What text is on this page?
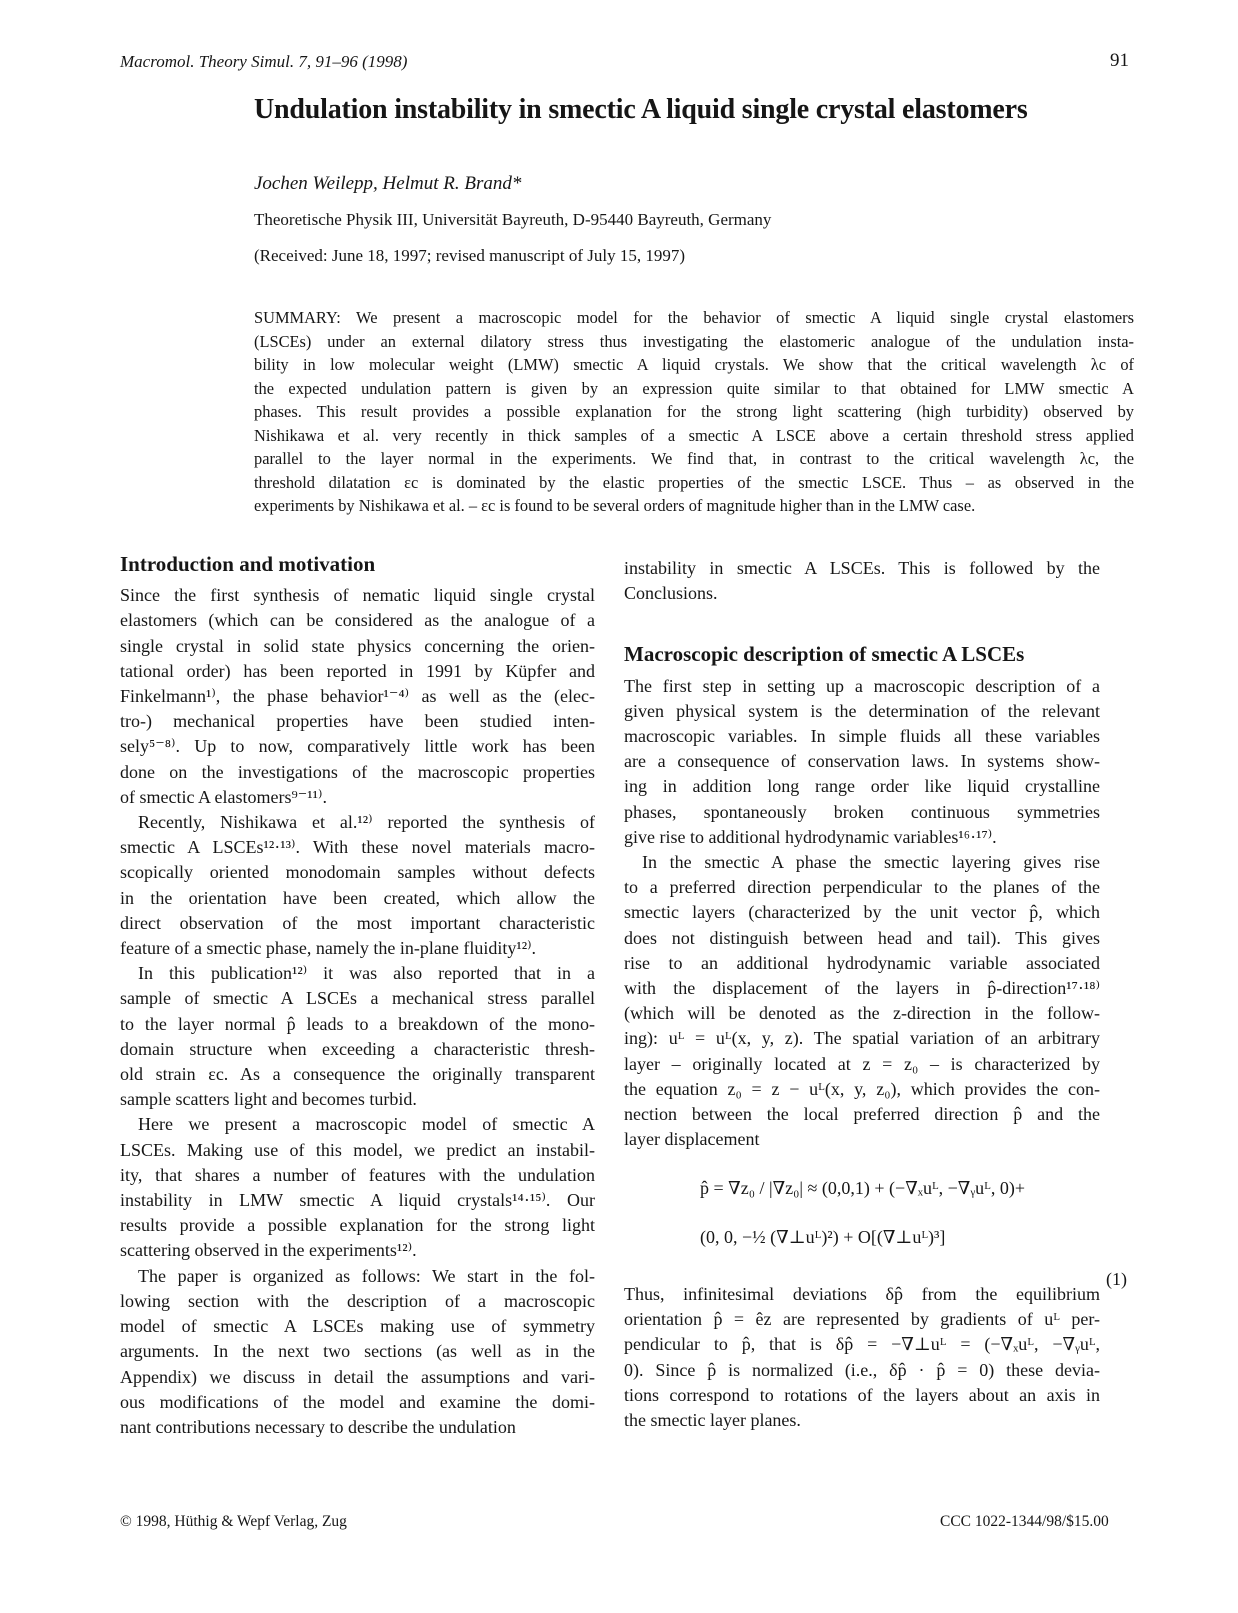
Macromol. Theory Simul. 7, 91–96 (1998)	91
Undulation instability in smectic A liquid single crystal elastomers
Jochen Weilepp, Helmut R. Brand*
Theoretische Physik III, Universität Bayreuth, D-95440 Bayreuth, Germany
(Received: June 18, 1997; revised manuscript of July 15, 1997)
SUMMARY: We present a macroscopic model for the behavior of smectic A liquid single crystal elastomers
(LSCEs) under an external dilatory stress thus investigating the elastomeric analogue of the undulation insta-
bility in low molecular weight (LMW) smectic A liquid crystals. We show that the critical wavelength λc of
the expected undulation pattern is given by an expression quite similar to that obtained for LMW smectic A
phases. This result provides a possible explanation for the strong light scattering (high turbidity) observed by
Nishikawa et al. very recently in thick samples of a smectic A LSCE above a certain threshold stress applied
parallel to the layer normal in the experiments. We find that, in contrast to the critical wavelength λc, the
threshold dilatation εc is dominated by the elastic properties of the smectic LSCE. Thus – as observed in the
experiments by Nishikawa et al. – εc is found to be several orders of magnitude higher than in the LMW case.
Introduction and motivation
Since the first synthesis of nematic liquid single crystal
elastomers (which can be considered as the analogue of a
single crystal in solid state physics concerning the orien-
tational order) has been reported in 1991 by Küpfer and
Finkelmann¹⁾, the phase behavior¹⁻⁴⁾ as well as the (elec-
tro-) mechanical properties have been studied inten-
sely⁵⁻⁸⁾. Up to now, comparatively little work has been
done on the investigations of the macroscopic properties
of smectic A elastomers⁹⁻¹¹⁾.
 Recently, Nishikawa et al.¹²⁾ reported the synthesis of
smectic A LSCEs¹²·¹³⁾. With these novel materials macro-
scopically oriented monodomain samples without defects
in the orientation have been created, which allow the
direct observation of the most important characteristic
feature of a smectic phase, namely the in-plane fluidity¹²⁾.
 In this publication¹²⁾ it was also reported that in a
sample of smectic A LSCEs a mechanical stress parallel
to the layer normal p̂ leads to a breakdown of the mono-
domain structure when exceeding a characteristic thresh-
old strain εc. As a consequence the originally transparent
sample scatters light and becomes turbid.
 Here we present a macroscopic model of smectic A
LSCEs. Making use of this model, we predict an instabil-
ity, that shares a number of features with the undulation
instability in LMW smectic A liquid crystals¹⁴·¹⁵⁾. Our
results provide a possible explanation for the strong light
scattering observed in the experiments¹²⁾.
 The paper is organized as follows: We start in the fol-
lowing section with the description of a macroscopic
model of smectic A LSCEs making use of symmetry
arguments. In the next two sections (as well as in the
Appendix) we discuss in detail the assumptions and vari-
ous modifications of the model and examine the domi-
nant contributions necessary to describe the undulation
instability in smectic A LSCEs. This is followed by the
Conclusions.
Macroscopic description of smectic A LSCEs
The first step in setting up a macroscopic description of a
given physical system is the determination of the relevant
macroscopic variables. In simple fluids all these variables
are a consequence of conservation laws. In systems show-
ing in addition long range order like liquid crystalline
phases, spontaneously broken continuous symmetries
give rise to additional hydrodynamic variables¹⁶·¹⁷⁾.
 In the smectic A phase the smectic layering gives rise
to a preferred direction perpendicular to the planes of the
smectic layers (characterized by the unit vector p̂, which
does not distinguish between head and tail). This gives
rise to an additional hydrodynamic variable associated
with the displacement of the layers in p̂-direction¹⁷·¹⁸⁾
(which will be denoted as the z-direction in the follow-
ing): uᴸ = uᴸ(x, y, z). The spatial variation of an arbitrary
layer – originally located at z = z₀ – is characterized by
the equation z₀ = z − uᴸ(x, y, z₀), which provides the con-
nection between the local preferred direction p̂ and the
layer displacement
p̂ = ∇z₀ / |∇z₀| ≈ (0,0,1) + (−∇ₓuᴸ, −∇ᵧuᴸ, 0)+
(0, 0, −½ (∇⊥uᴸ)²) + O[(∇⊥uᴸ)³]
(1)
Thus, infinitesimal deviations δp̂ from the equilibrium
orientation p̂ = êz are represented by gradients of uᴸ per-
pendicular to p̂, that is δp̂ = −∇⊥uᴸ = (−∇ₓuᴸ, −∇ᵧuᴸ,
0). Since p̂ is normalized (i.e., δp̂ · p̂ = 0) these devia-
tions correspond to rotations of the layers about an axis in
the smectic layer planes.
© 1998, Hüthig & Wepf Verlag, Zug	CCC 1022-1344/98/$15.00
